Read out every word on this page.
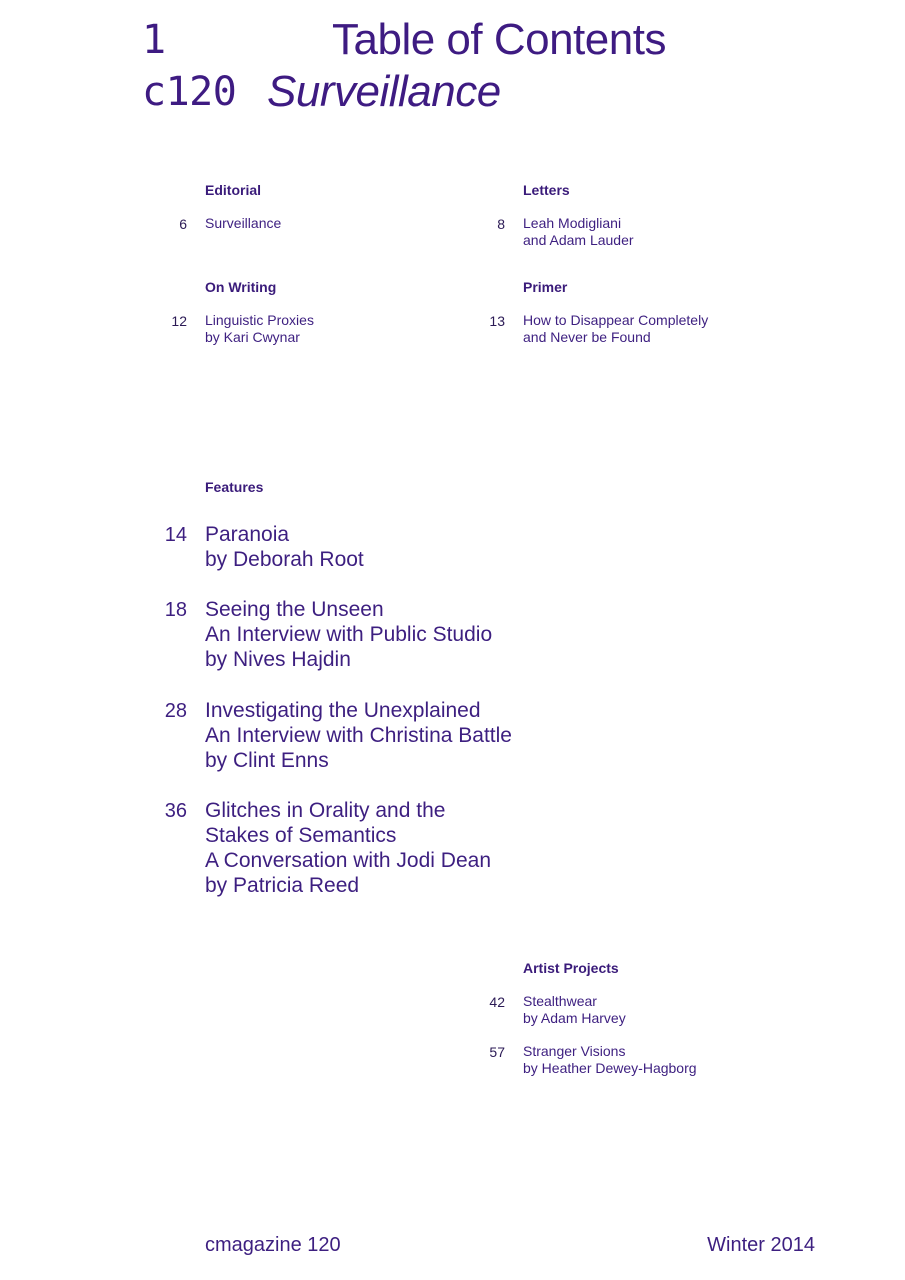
1	Table of Contents
c120 Surveillance
Editorial
6 Surveillance
Letters
8 Leah Modigliani
and Adam Lauder
On Writing
12 Linguistic Proxies
by Kari Cwynar
Primer
13 How to Disappear Completely
and Never be Found
Features
14 Paranoia
by Deborah Root
18 Seeing the Unseen
An Interview with Public Studio
by Nives Hajdin
28 Investigating the Unexplained
An Interview with Christina Battle
by Clint Enns
36 Glitches in Orality and the
Stakes of Semantics
A Conversation with Jodi Dean
by Patricia Reed
Artist Projects
42 Stealthwear
by Adam Harvey
57 Stranger Visions
by Heather Dewey-Hagborg
cmagazine 120	Winter 2014
